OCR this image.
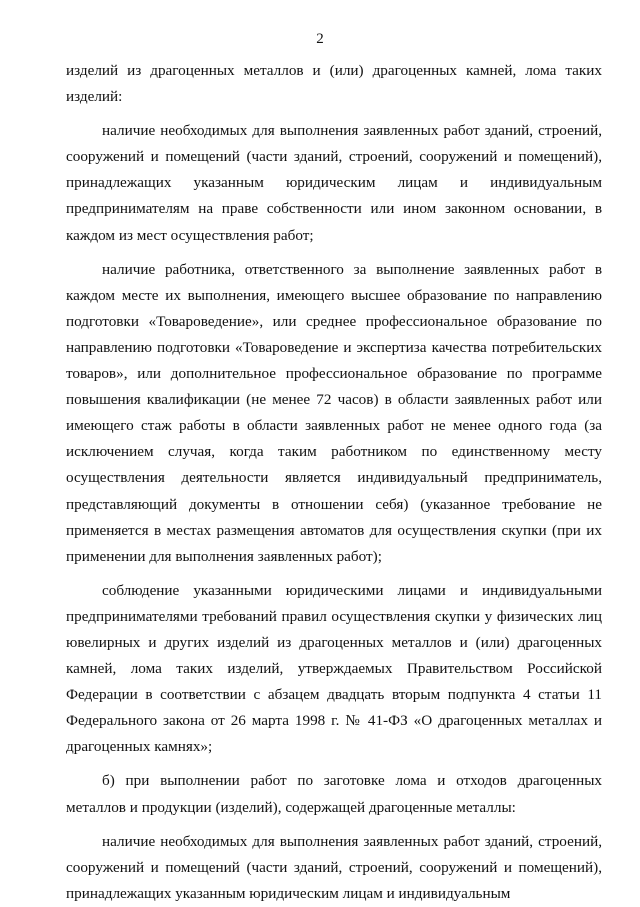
2

изделий из драгоценных металлов и (или) драгоценных камней, лома таких изделий:

наличие необходимых для выполнения заявленных работ зданий, строений, сооружений и помещений (части зданий, строений, сооружений и помещений), принадлежащих указанным юридическим лицам и индивидуальным предпринимателям на праве собственности или ином законном основании, в каждом из мест осуществления работ;

наличие работника, ответственного за выполнение заявленных работ в каждом месте их выполнения, имеющего высшее образование по направлению подготовки «Товароведение», или среднее профессиональное образование по направлению подготовки «Товароведение и экспертиза качества потребительских товаров», или дополнительное профессиональное образование по программе повышения квалификации (не менее 72 часов) в области заявленных работ или имеющего стаж работы в области заявленных работ не менее одного года (за исключением случая, когда таким работником по единственному месту осуществления деятельности является индивидуальный предприниматель, представляющий документы в отношении себя) (указанное требование не применяется в местах размещения автоматов для осуществления скупки (при их применении для выполнения заявленных работ);

соблюдение указанными юридическими лицами и индивидуальными предпринимателями требований правил осуществления скупки у физических лиц ювелирных и других изделий из драгоценных металлов и (или) драгоценных камней, лома таких изделий, утверждаемых Правительством Российской Федерации в соответствии с абзацем двадцать вторым подпункта 4 статьи 11 Федерального закона от 26 марта 1998 г. № 41-ФЗ «О драгоценных металлах и драгоценных камнях»;

б) при выполнении работ по заготовке лома и отходов драгоценных металлов и продукции (изделий), содержащей драгоценные металлы:

наличие необходимых для выполнения заявленных работ зданий, строений, сооружений и помещений (части зданий, строений, сооружений и помещений), принадлежащих указанным юридическим лицам и индивидуальным
